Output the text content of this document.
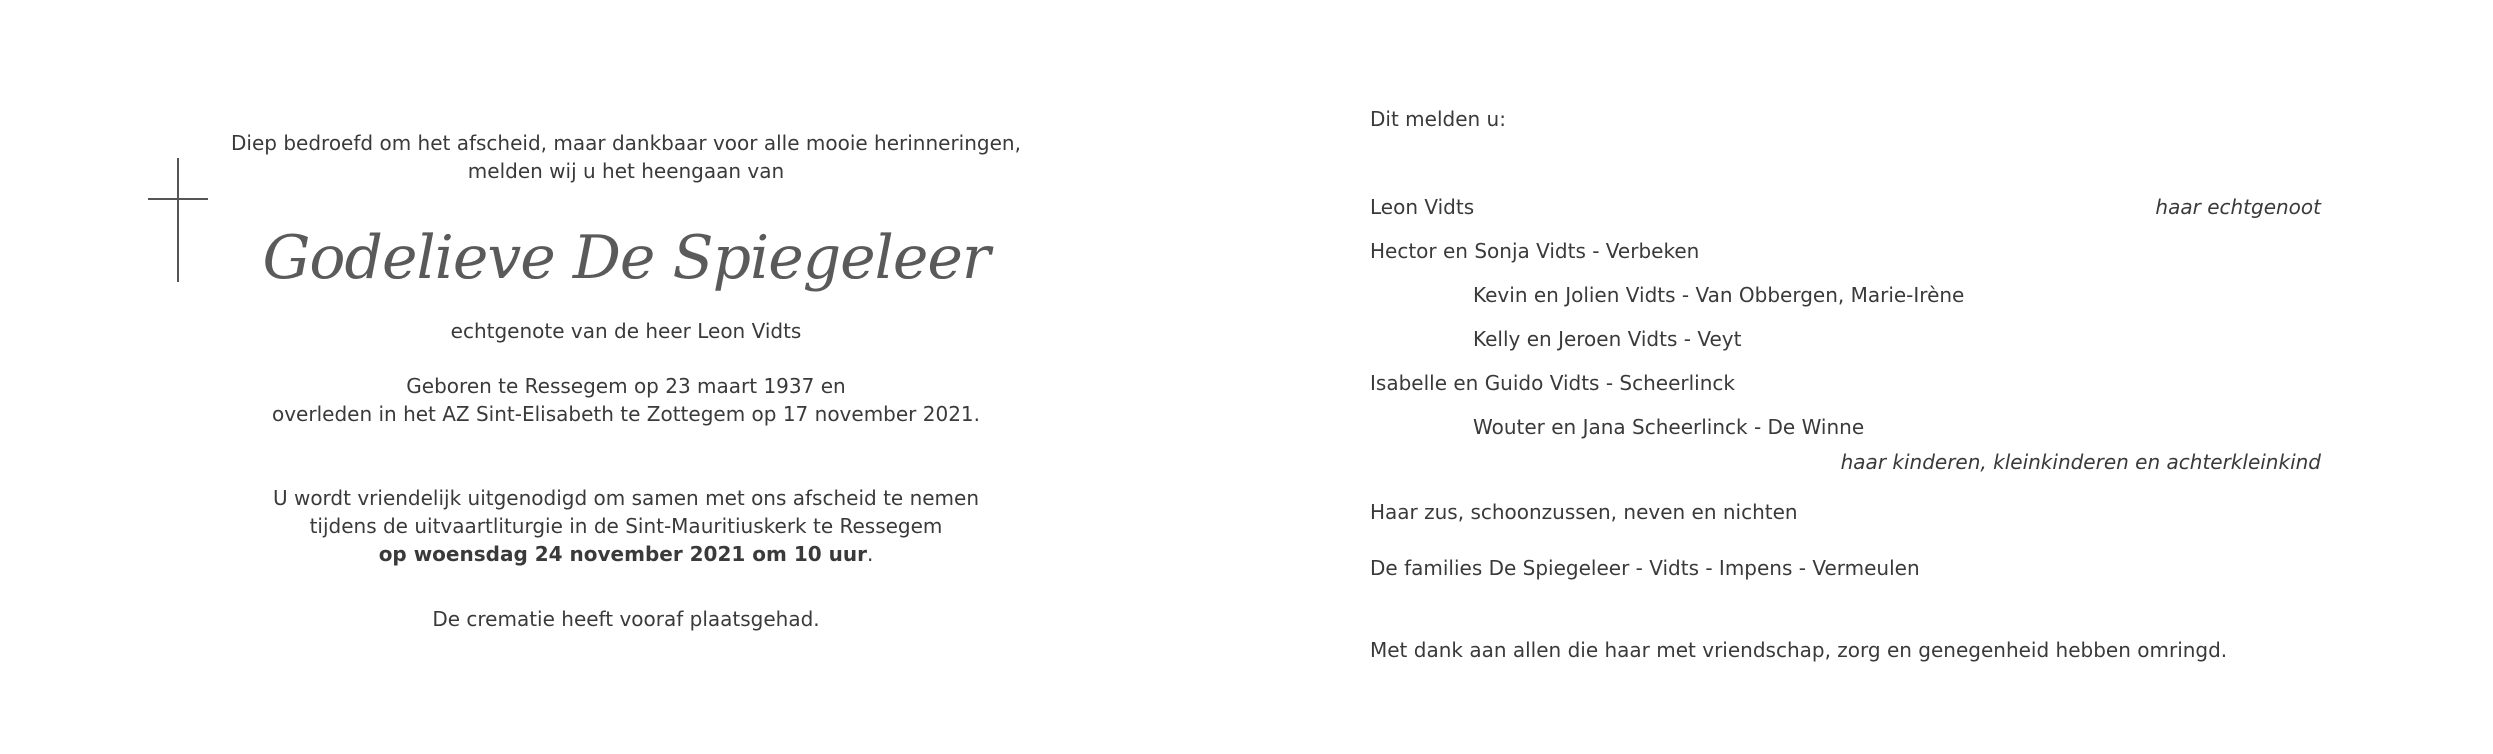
Diep bedroefd om het afscheid, maar dankbaar voor alle mooie herinneringen,
melden wij u het heengaan van
Godelieve De Spiegeleer
echtgenote van de heer Leon Vidts
Geboren te Ressegem op 23 maart 1937 en
overleden in het AZ Sint-Elisabeth te Zottegem op 17 november 2021.
U wordt vriendelijk uitgenodigd om samen met ons afscheid te nemen
tijdens de uitvaartliturgie in de Sint-Mauritiuskerk te Ressegem
op woensdag 24 november 2021 om 10 uur.
De crematie heeft vooraf plaatsgehad.
Dit melden u:
Leon Vidts	haar echtgenoot
Hector en Sonja Vidts - Verbeken
Kevin en Jolien Vidts - Van Obbergen, Marie-Irène
Kelly en Jeroen Vidts - Veyt
Isabelle en Guido Vidts - Scheerlinck
Wouter en Jana Scheerlinck - De Winne
haar kinderen, kleinkinderen en achterkleinkind
Haar zus, schoonzussen, neven en nichten
De families De Spiegeleer - Vidts - Impens - Vermeulen
Met dank aan allen die haar met vriendschap, zorg en genegenheid hebben omringd.
